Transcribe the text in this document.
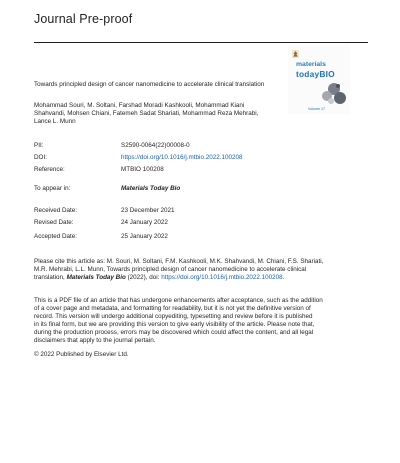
Journal Pre-proof
materials
todayBIO
Volume 17
Towards principled design of cancer nanomedicine to accelerate clinical translation
Mohammad Souri, M. Soltani, Farshad Moradi Kashkooli, Mohammad Kiani
Shahvandi, Mohsen Chiani, Fatemeh Sadat Shariati, Mohammad Reza Mehrabi,
Lance L. Munn
PII:	S2590-0064(22)00008-0
DOI:	https://doi.org/10.1016/j.mtbio.2022.100208
Reference:	MTBIO 100208
To appear in:	Materials Today Bio
Received Date:	23 December 2021
Revised Date:	24 January 2022
Accepted Date:	25 January 2022
Please cite this article as: M. Souri, M. Soltani, F.M. Kashkooli, M.K. Shahvandi, M. Chiani, F.S. Shariati,
M.R. Mehrabi, L.L. Munn, Towards principled design of cancer nanomedicine to accelerate clinical
translation, Materials Today Bio (2022), doi: https://doi.org/10.1016/j.mtbio.2022.100208.
This is a PDF file of an article that has undergone enhancements after acceptance, such as the addition
of a cover page and metadata, and formatting for readability, but it is not yet the definitive version of
record. This version will undergo additional copyediting, typesetting and review before it is published
in its final form, but we are providing this version to give early visibility of the article. Please note that,
during the production process, errors may be discovered which could affect the content, and all legal
disclaimers that apply to the journal pertain.
© 2022 Published by Elsevier Ltd.
